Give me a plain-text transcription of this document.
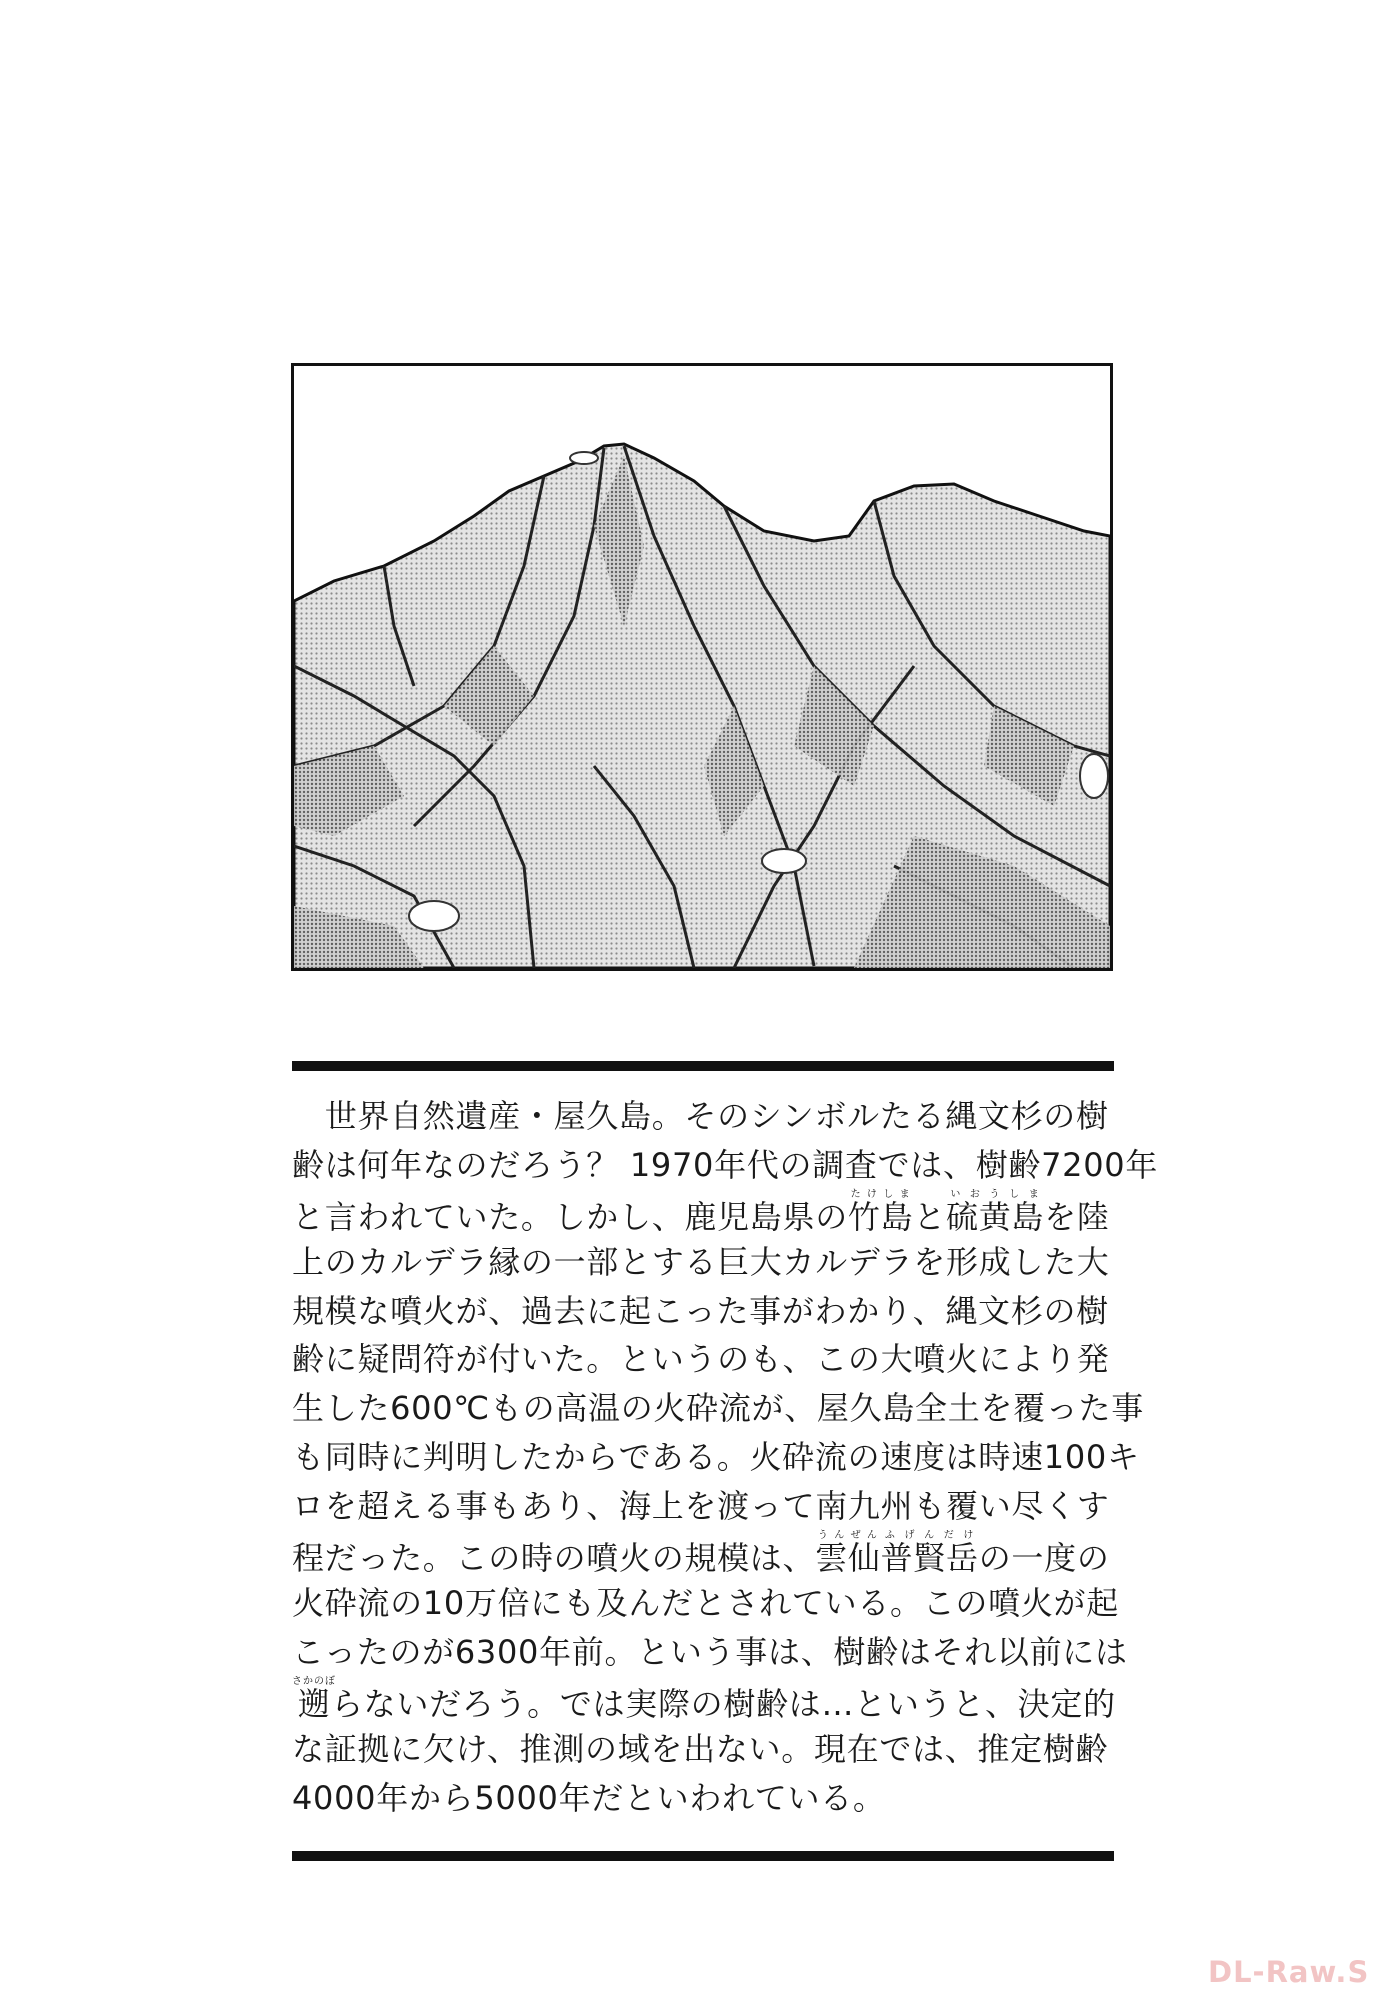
　世界自然遺産・屋久島。そのシンボルたる縄文杉の樹
齢は何年なのだろう？ 1970年代の調査では、樹齢7200年
と言われていた。しかし、鹿児島県の竹島たけしまと硫黄島いおうしまを陸
上のカルデラ縁の一部とする巨大カルデラを形成した大
規模な噴火が、過去に起こった事がわかり、縄文杉の樹
齢に疑問符が付いた。というのも、この大噴火により発
生した600℃もの高温の火砕流が、屋久島全土を覆った事
も同時に判明したからである。火砕流の速度は時速100キ
ロを超える事もあり、海上を渡って南九州も覆い尽くす
程だった。この時の噴火の規模は、雲仙うんぜん普賢岳ふげんだけの一度の
火砕流の10万倍にも及んだとされている。この噴火が起
こったのが6300年前。という事は、樹齢はそれ以前には
遡さかのぼらないだろう。では実際の樹齢は…というと、決定的
な証拠に欠け、推測の域を出ない。現在では、推定樹齢
4000年から5000年だといわれている。
DL-Raw.S
